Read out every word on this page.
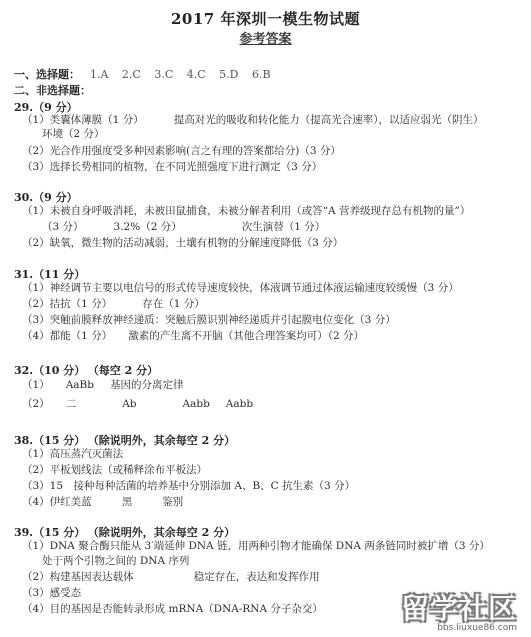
2017 年深圳一模生物试题
参考答案
一、选择题： 1.A 2.C 3.C 4.C 5.D 6.B
二、非选择题：
29.（9 分）
（1）类囊体薄膜（1 分）	提高对光的吸收和转化能力（提高光合速率），以适应弱光（阴生）
环境（2 分）
（2）光合作用强度受多种因素影响(言之有理的答案都给分)（3 分）
（3）选择长势相同的植物，在不同光照强度下进行测定（3 分）
30.（9 分）
（1）未被自身呼吸消耗，未被田鼠捕食，未被分解者利用（或答“A 营养级现存总有机物的量”）
（3 分）	3.2%（2 分）	次生演替（1 分）
（2）缺氧，微生物的活动减弱，土壤有机物的分解速度降低（3 分）
31.（11 分）
（1）神经调节主要以电信号的形式传导速度较快，体液调节通过体液运输速度较缓慢（3 分）
（2）拮抗（1 分）	存在（1 分）
（3）突触前膜释放神经递质：突触后膜识别神经递质并引起膜电位变化（3 分）
（4）都能（1 分） 激素的产生离不开脑（其他合理答案均可）（2 分）
32.（10 分） （每空 2 分）
（1） AaBb 基因的分离定律
（2） 二	Ab	Aabb Aabb
38.（15 分） （除说明外，其余每空 2 分）
（1）高压蒸汽灭菌法
（2）平板划线法（或稀释涂布平板法）
（3）15　接种每种活菌的培养基中分别添加 A、B、C 抗生素（3 分）
（4）伊红美蓝	黑	鉴别
39.（15 分） （除说明外，其余每空 2 分）
（1）DNA 聚合酶只能从 3′端延伸 DNA 链，用两种引物才能确保 DNA 两条链同时被扩增（3 分）
处于两个引物之间的 DNA 序列
（2）构建基因表达载体	稳定存在，表达和发挥作用
（3）感受态
（4）目的基因是否能转录形成 mRNA（DNA-RNA 分子杂交）	留学社区
bbs.liuxue86.com
